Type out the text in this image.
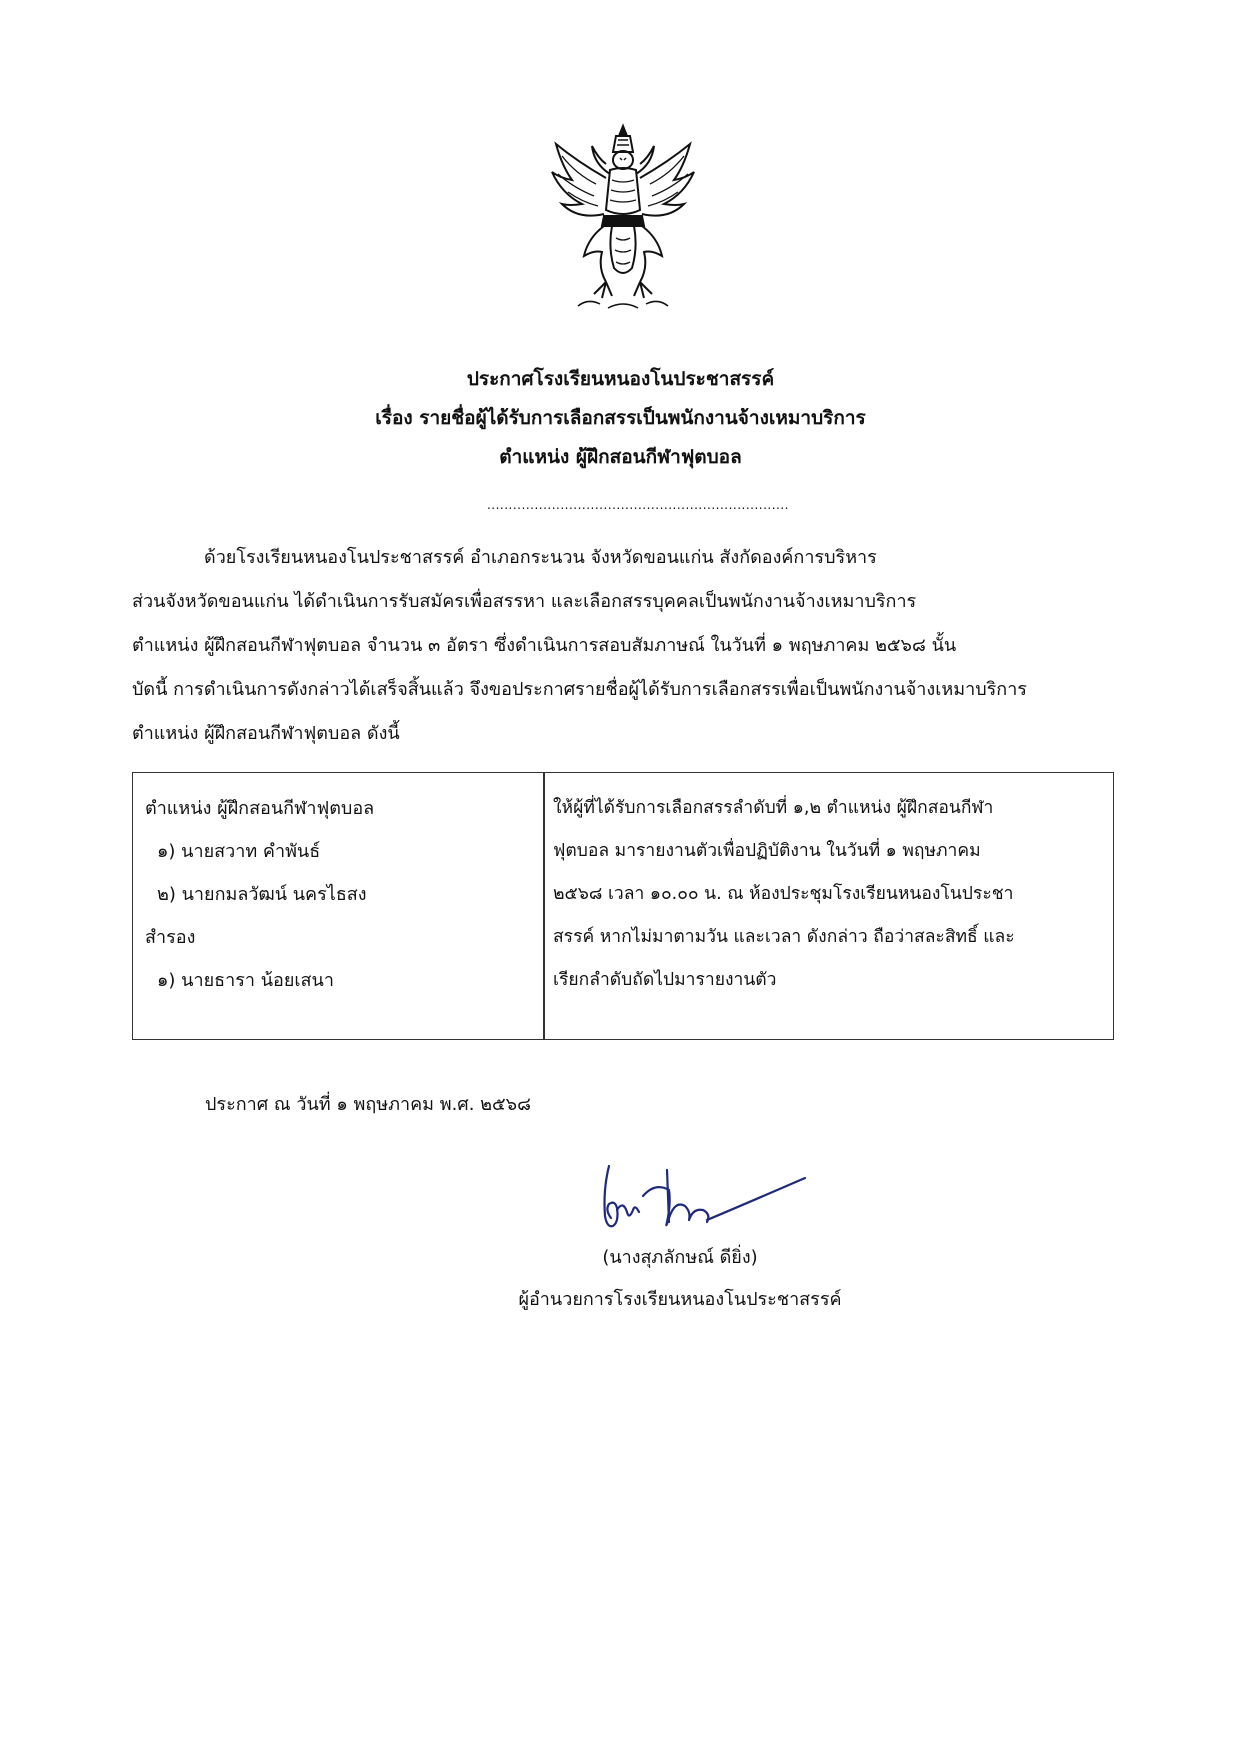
ประกาศโรงเรียนหนองโนประชาสรรค์
เรื่อง รายชื่อผู้ได้รับการเลือกสรรเป็นพนักงานจ้างเหมาบริการ
ตำแหน่ง ผู้ฝึกสอนกีฬาฟุตบอล
......................................................................
ด้วยโรงเรียนหนองโนประชาสรรค์ อำเภอกระนวน จังหวัดขอนแก่น สังกัดองค์การบริหาร
ส่วนจังหวัดขอนแก่น ได้ดำเนินการรับสมัครเพื่อสรรหา และเลือกสรรบุคคลเป็นพนักงานจ้างเหมาบริการ
ตำแหน่ง ผู้ฝึกสอนกีฬาฟุตบอล จำนวน ๓ อัตรา ซึ่งดำเนินการสอบสัมภาษณ์ ในวันที่ ๑ พฤษภาคม ๒๕๖๘ นั้น
บัดนี้ การดำเนินการดังกล่าวได้เสร็จสิ้นแล้ว จึงขอประกาศรายชื่อผู้ได้รับการเลือกสรรเพื่อเป็นพนักงานจ้างเหมาบริการ
ตำแหน่ง ผู้ฝึกสอนกีฬาฟุตบอล ดังนี้
ตำแหน่ง ผู้ฝึกสอนกีฬาฟุตบอล
๑) นายสวาท คำพันธ์
๒) นายกมลวัฒน์ นครไธสง
สำรอง
๑) นายธารา น้อยเสนา
ให้ผู้ที่ได้รับการเลือกสรรลำดับที่ ๑,๒ ตำแหน่ง ผู้ฝึกสอนกีฬา
ฟุตบอล มารายงานตัวเพื่อปฏิบัติงาน ในวันที่ ๑ พฤษภาคม
๒๕๖๘ เวลา ๑๐.๐๐ น. ณ ห้องประชุมโรงเรียนหนองโนประชา
สรรค์ หากไม่มาตามวัน และเวลา ดังกล่าว ถือว่าสละสิทธิ์ และ
เรียกลำดับถัดไปมารายงานตัว
ประกาศ ณ วันที่ ๑ พฤษภาคม พ.ศ. ๒๕๖๘
(นางสุภลักษณ์ ดียิ่ง)
ผู้อำนวยการโรงเรียนหนองโนประชาสรรค์
